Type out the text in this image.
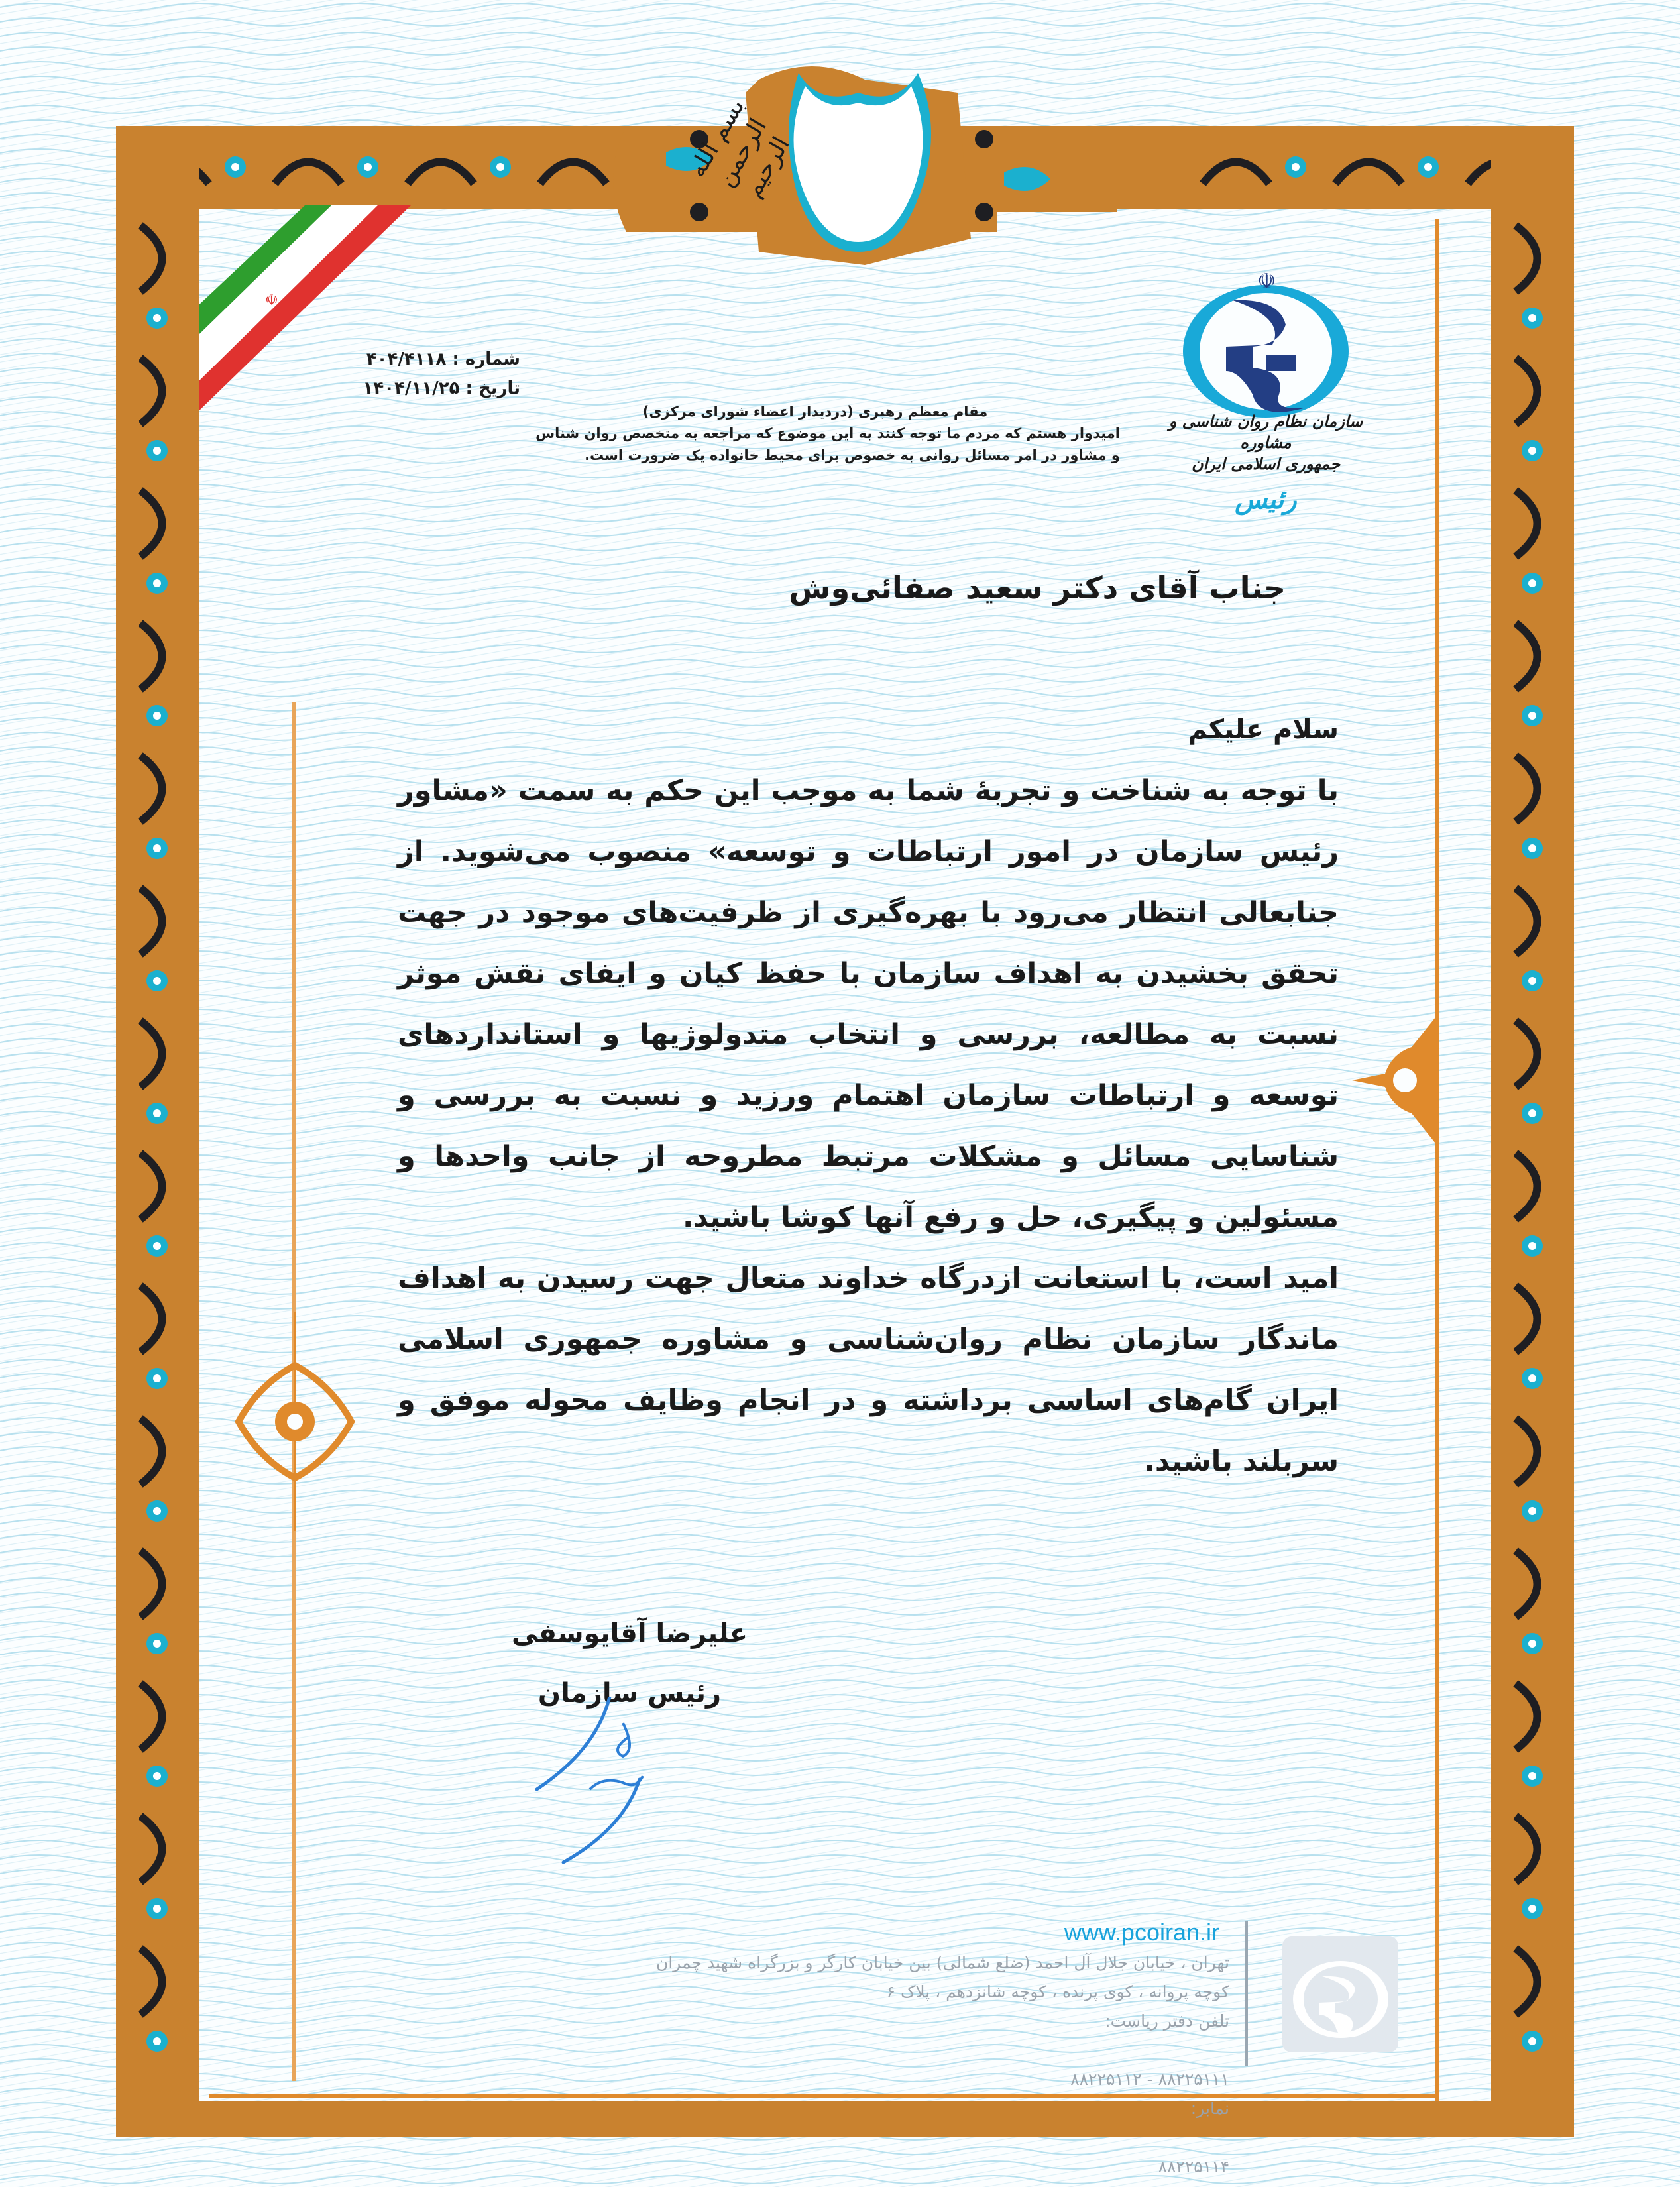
☫
بسم الله الرحمن الرحيم
☫
سازمان نظام روان شناسی و مشاوره
جمهوری اسلامی ایران
رئیس
شماره : ۴۰۴/۴۱۱۸
تاریخ : ۱۴۰۴/۱۱/۲۵
مقام معظم رهبری (دردیدار اعضاء شورای مرکزی)
امیدوار هستم که مردم ما توجه کنند به این موضوع که مراجعه به متخصص روان شناس
و مشاور در امر مسائل روانی به خصوص برای محیط خانواده یک ضرورت است.
جناب آقای دکتر سعید صفائی‌وش
سلام علیکم
با توجه به شناخت و تجربهٔ شما به موجب این حکم به سمت «مشاور رئیس سازمان در امور ارتباطات و توسعه» منصوب می‌شوید. از جنابعالی انتظار می‌رود با بهره‌گیری از ظرفیت‌های موجود در جهت تحقق بخشیدن به اهداف سازمان با حفظ کیان و ایفای نقش موثر نسبت به مطالعه، بررسی و انتخاب متدولوژیها و استانداردهای توسعه و ارتباطات سازمان اهتمام ورزید و نسبت به بررسی و شناسایی مسائل و مشکلات مرتبط مطروحه از جانب واحدها و مسئولین و پیگیری، حل و رفع آنها کوشا باشید.
امید است، با استعانت ازدرگاه خداوند متعال جهت رسیدن به اهداف ماندگار سازمان نظام روان‌شناسی و مشاوره جمهوری اسلامی ایران گام‌های اساسی برداشته و در انجام وظایف محوله موفق و سربلند باشید.
علیرضا آقایوسفی
رئیس سازمان
www.pcoiran.ir
تهران ، خیابان جلال آل احمد (ضلع شمالی) بین خیابان کارگر و بزرگراه شهید چمران
کوچه پروانه ، کوی پرنده ، کوچه شانزدهم ، پلاک ۶
تلفن دفتر ریاست:

۸۸۲۲۵۱۱۱ - ۸۸۲۲۵۱۱۲
نمابر:

۸۸۲۲۵۱۱۴
